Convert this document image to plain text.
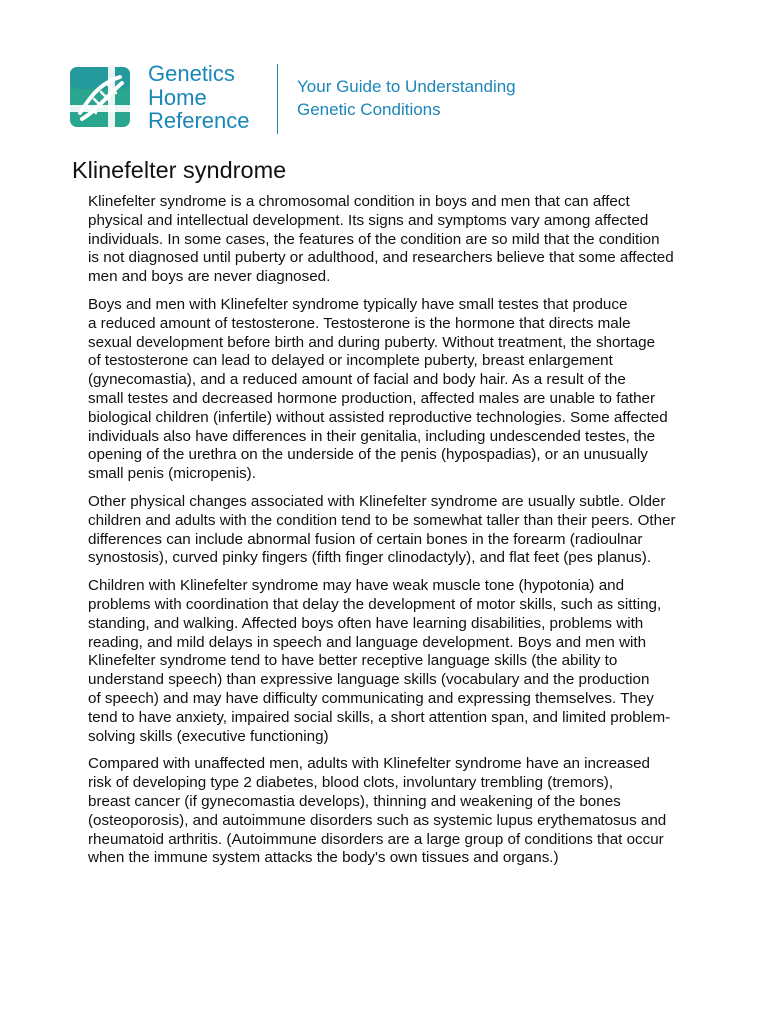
Genetics
Home
Reference
Your Guide to Understanding
Genetic Conditions
Klinefelter syndrome
Klinefelter syndrome is a chromosomal condition in boys and men that can affect
physical and intellectual development. Its signs and symptoms vary among affected
individuals. In some cases, the features of the condition are so mild that the condition
is not diagnosed until puberty or adulthood, and researchers believe that some affected
men and boys are never diagnosed.
Boys and men with Klinefelter syndrome typically have small testes that produce
a reduced amount of testosterone. Testosterone is the hormone that directs male
sexual development before birth and during puberty. Without treatment, the shortage
of testosterone can lead to delayed or incomplete puberty, breast enlargement
(gynecomastia), and a reduced amount of facial and body hair. As a result of the
small testes and decreased hormone production, affected males are unable to father
biological children (infertile) without assisted reproductive technologies. Some affected
individuals also have differences in their genitalia, including undescended testes, the
opening of the urethra on the underside of the penis (hypospadias), or an unusually
small penis (micropenis).
Other physical changes associated with Klinefelter syndrome are usually subtle. Older
children and adults with the condition tend to be somewhat taller than their peers. Other
differences can include abnormal fusion of certain bones in the forearm (radioulnar
synostosis), curved pinky fingers (fifth finger clinodactyly), and flat feet (pes planus).
Children with Klinefelter syndrome may have weak muscle tone (hypotonia) and
problems with coordination that delay the development of motor skills, such as sitting,
standing, and walking. Affected boys often have learning disabilities, problems with
reading, and mild delays in speech and language development. Boys and men with
Klinefelter syndrome tend to have better receptive language skills (the ability to
understand speech) than expressive language skills (vocabulary and the production
of speech) and may have difficulty communicating and expressing themselves. They
tend to have anxiety, impaired social skills, a short attention span, and limited problem-
solving skills (executive functioning)
Compared with unaffected men, adults with Klinefelter syndrome have an increased
risk of developing type 2 diabetes, blood clots, involuntary trembling (tremors),
breast cancer (if gynecomastia develops), thinning and weakening of the bones
(osteoporosis), and autoimmune disorders such as systemic lupus erythematosus and
rheumatoid arthritis. (Autoimmune disorders are a large group of conditions that occur
when the immune system attacks the body's own tissues and organs.)
